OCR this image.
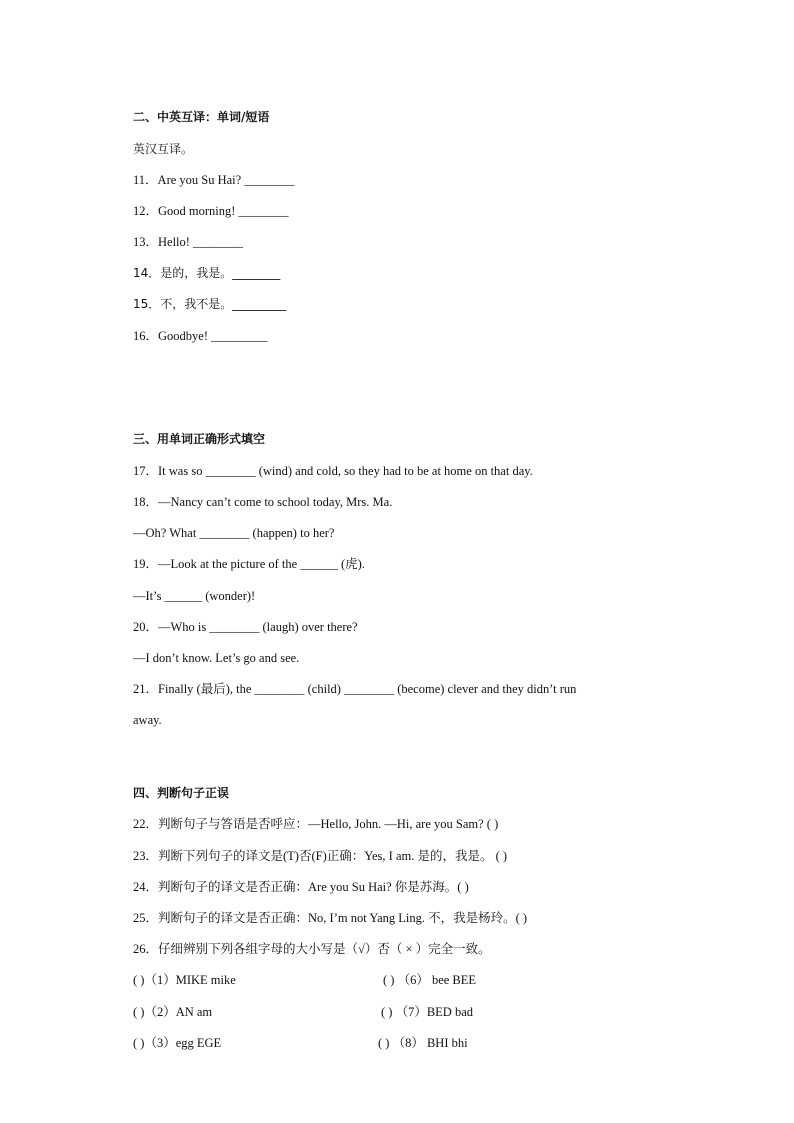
二、中英互译：单词/短语
英汉互译。
11．Are you Su Hai? ________
12．Good morning! ________
13．Hello! ________
14．是的，我是。________
15．不，我不是。_________
16．Goodbye! _________
三、用单词正确形式填空
17．It was so ________ (wind) and cold, so they had to be at home on that day.
18．—Nancy can’t come to school today, Mrs. Ma.
—Oh? What ________ (happen) to her?
19．—Look at the picture of the ______ (虎).
—It’s ______ (wonder)!
20．—Who is ________ (laugh) over there?
—I don’t know. Let’s go and see.
21．Finally (最后), the ________ (child) ________ (become) clever and they didn’t run
away.
四、判断句子正误
22．判断句子与答语是否呼应：—Hello, John. —Hi, are you Sam? ( )
23．判断下列句子的译文是(T)否(F)正确：Yes, I am. 是的，我是。 ( )
24．判断句子的译文是否正确：Are you Su Hai? 你是苏海。( )
25．判断句子的译文是否正确：No, I’m not Yang Ling. 不，我是杨玲。( )
26．仔细辨别下列各组字母的大小写是（√）否（ × ）完全一致。
( )（1）MIKE mike
( )（2）AN am
( )（3）egg EGE
( ) （6） bee BEE
( ) （7）BED bad
( ) （8） BHI bhi
